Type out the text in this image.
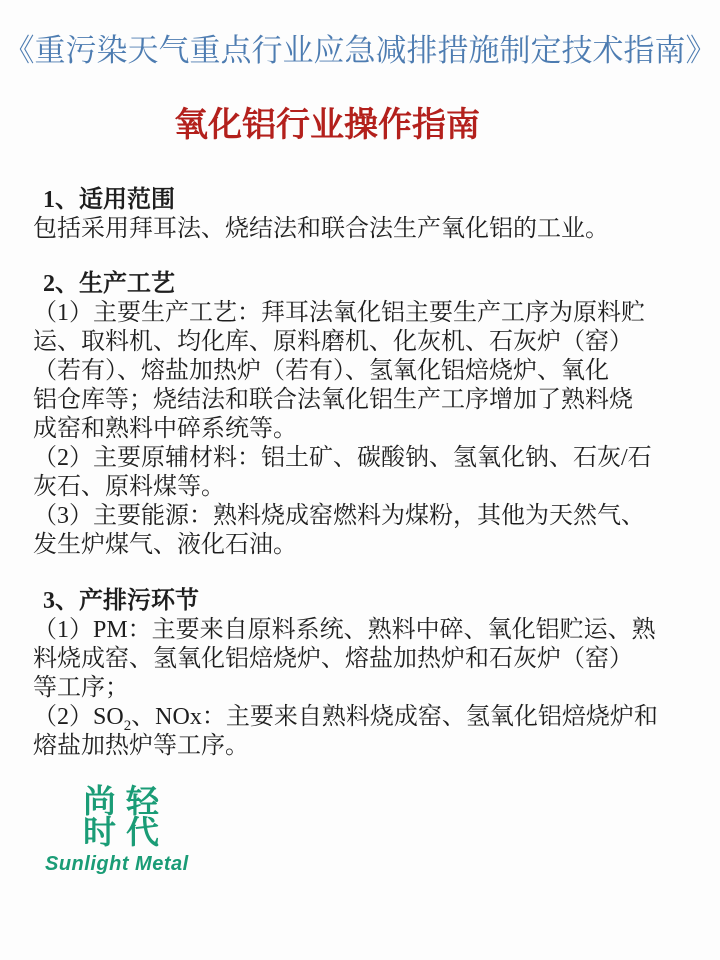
《重污染天气重点行业应急减排措施制定技术指南》
氧化铝行业操作指南
1、适用范围
包括采用拜耳法、烧结法和联合法生产氧化铝的工业。
2、生产工艺
（1）主要生产工艺：拜耳法氧化铝主要生产工序为原料贮
运、取料机、均化库、原料磨机、化灰机、石灰炉（窑）
（若有）、熔盐加热炉（若有）、氢氧化铝焙烧炉、氧化
铝仓库等；烧结法和联合法氧化铝生产工序增加了熟料烧
成窑和熟料中碎系统等。
（2）主要原辅材料：铝土矿、碳酸钠、氢氧化钠、石灰/石
灰石、原料煤等。
（3）主要能源：熟料烧成窑燃料为煤粉，其他为天然气、
发生炉煤气、液化石油。
3、产排污环节
（1）PM：主要来自原料系统、熟料中碎、氧化铝贮运、熟
料烧成窑、氢氧化铝焙烧炉、熔盐加热炉和石灰炉（窑）
等工序；
$(2)SO_2$、NOx：主要来自熟料烧成窑、氢氧化铝焙烧炉和
熔盐加热炉等工序。
尚 轻
时 代
Sunlight Metal
